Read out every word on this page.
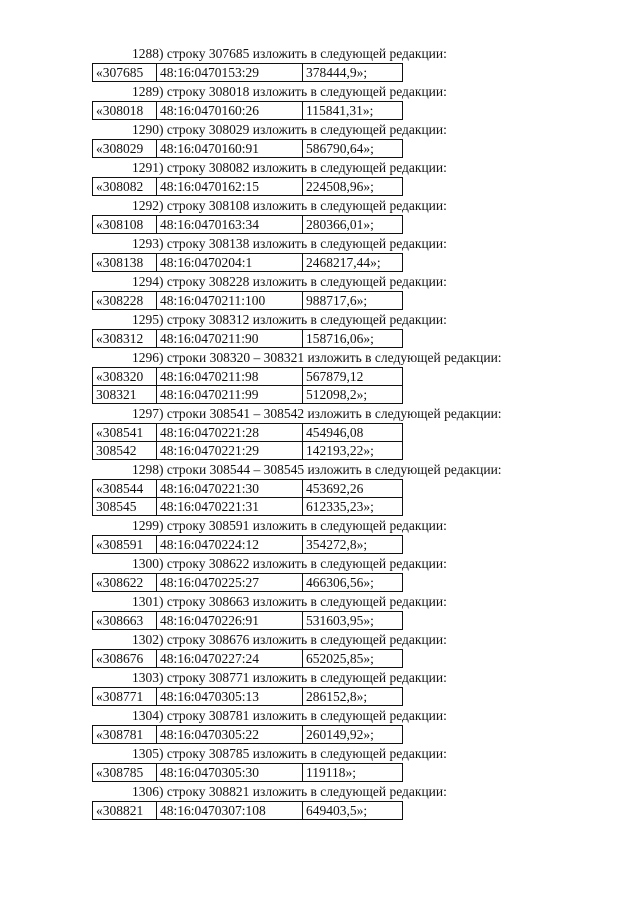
1288) строку 307685 изложить в следующей редакции:
«307685	48:16:0470153:29	378444,9»;
1289) строку 308018 изложить в следующей редакции:
«308018	48:16:0470160:26	115841,31»;
1290) строку 308029 изложить в следующей редакции:
«308029	48:16:0470160:91	586790,64»;
1291) строку 308082 изложить в следующей редакции:
«308082	48:16:0470162:15	224508,96»;
1292) строку 308108 изложить в следующей редакции:
«308108	48:16:0470163:34	280366,01»;
1293) строку 308138 изложить в следующей редакции:
«308138	48:16:0470204:1	2468217,44»;
1294) строку 308228 изложить в следующей редакции:
«308228	48:16:0470211:100	988717,6»;
1295) строку 308312 изложить в следующей редакции:
«308312	48:16:0470211:90	158716,06»;
1296) строки 308320 – 308321 изложить в следующей редакции:
«308320	48:16:0470211:98	567879,12
308321	48:16:0470211:99	512098,2»;
1297) строки 308541 – 308542 изложить в следующей редакции:
«308541	48:16:0470221:28	454946,08
308542	48:16:0470221:29	142193,22»;
1298) строки 308544 – 308545 изложить в следующей редакции:
«308544	48:16:0470221:30	453692,26
308545	48:16:0470221:31	612335,23»;
1299) строку 308591 изложить в следующей редакции:
«308591	48:16:0470224:12	354272,8»;
1300) строку 308622 изложить в следующей редакции:
«308622	48:16:0470225:27	466306,56»;
1301) строку 308663 изложить в следующей редакции:
«308663	48:16:0470226:91	531603,95»;
1302) строку 308676 изложить в следующей редакции:
«308676	48:16:0470227:24	652025,85»;
1303) строку 308771 изложить в следующей редакции:
«308771	48:16:0470305:13	286152,8»;
1304) строку 308781 изложить в следующей редакции:
«308781	48:16:0470305:22	260149,92»;
1305) строку 308785 изложить в следующей редакции:
«308785	48:16:0470305:30	119118»;
1306) строку 308821 изложить в следующей редакции:
«308821	48:16:0470307:108	649403,5»;
